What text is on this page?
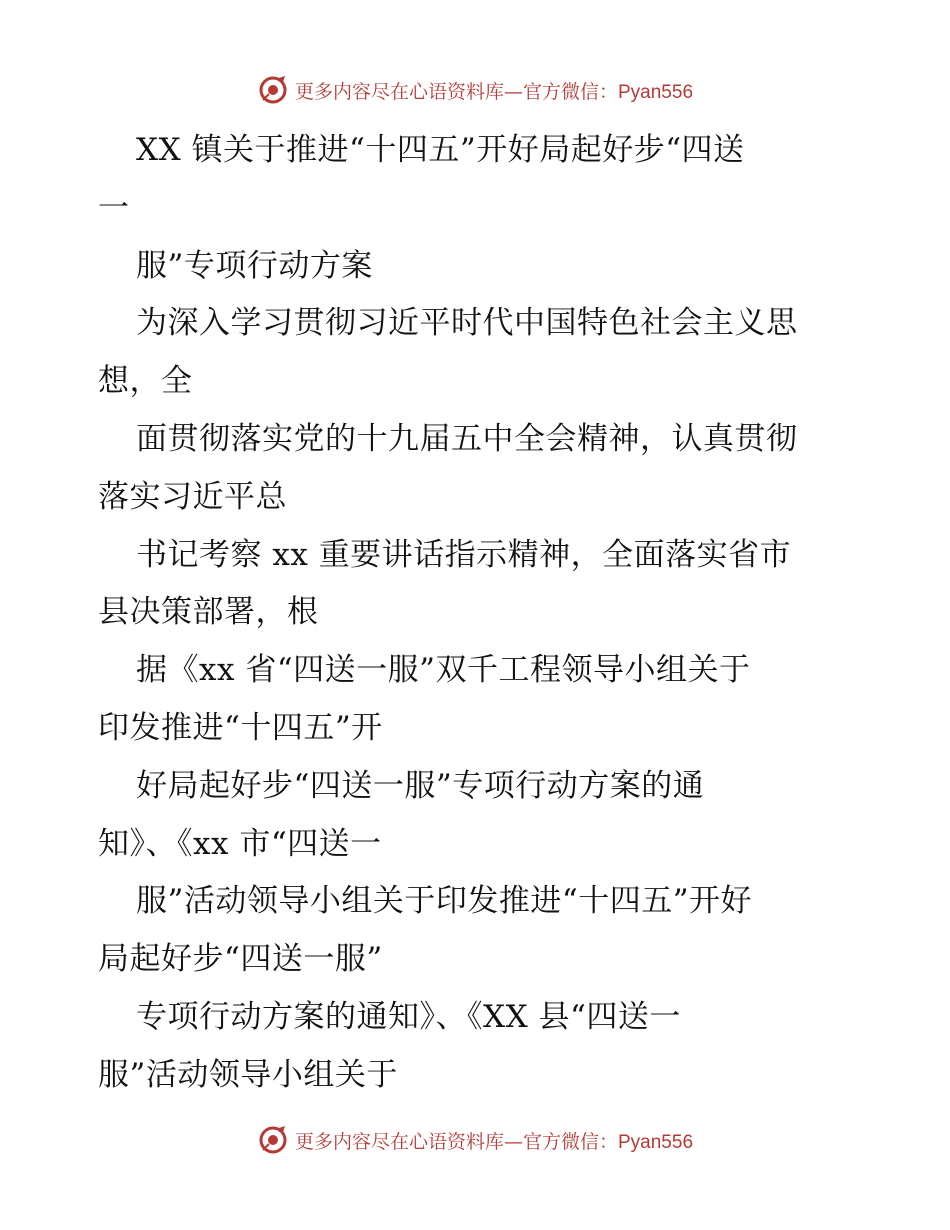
更多内容尽在心语资料库—官方微信：Pyan556
XX 镇关于推进“十四五”开好局起好步“四送
一
服”专项行动方案
为深入学习贯彻习近平时代中国特色社会主义思
想，全
面贯彻落实党的十九届五中全会精神，认真贯彻
落实习近平总
书记考察 xx 重要讲话指示精神，全面落实省市
县决策部署，根
据《xx 省“四送一服”双千工程领导小组关于
印发推进“十四五”开
好局起好步“四送一服”专项行动方案的通
知》、《xx 市“四送一
服”活动领导小组关于印发推进“十四五”开好
局起好步“四送一服”
专项行动方案的通知》、《XX 县“四送一
服”活动领导小组关于
更多内容尽在心语资料库—官方微信：Pyan556
